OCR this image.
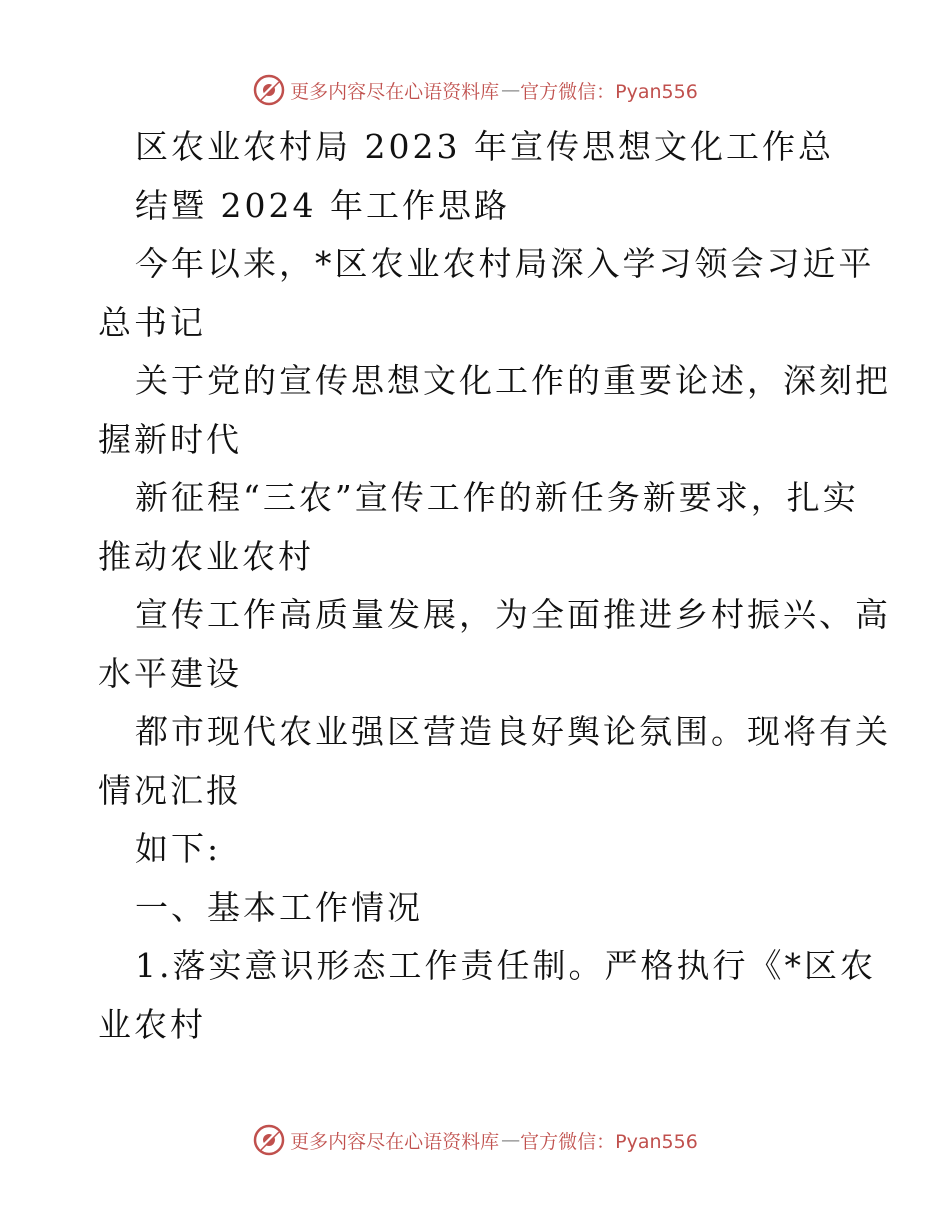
更多内容尽在心语资料库 — 官方微信：Pyan556
区农业农村局 2023 年宣传思想文化工作总
结暨 2024 年工作思路
今年以来，*区农业农村局深入学习领会习近平
总书记
关于党的宣传思想文化工作的重要论述，深刻把
握新时代
新征程“三农”宣传工作的新任务新要求，扎实
推动农业农村
宣传工作高质量发展，为全面推进乡村振兴、高
水平建设
都市现代农业强区营造良好舆论氛围。现将有关
情况汇报
如下:
一、基本工作情况
1.落实意识形态工作责任制。严格执行《*区农
业农村
更多内容尽在心语资料库 — 官方微信：Pyan556
